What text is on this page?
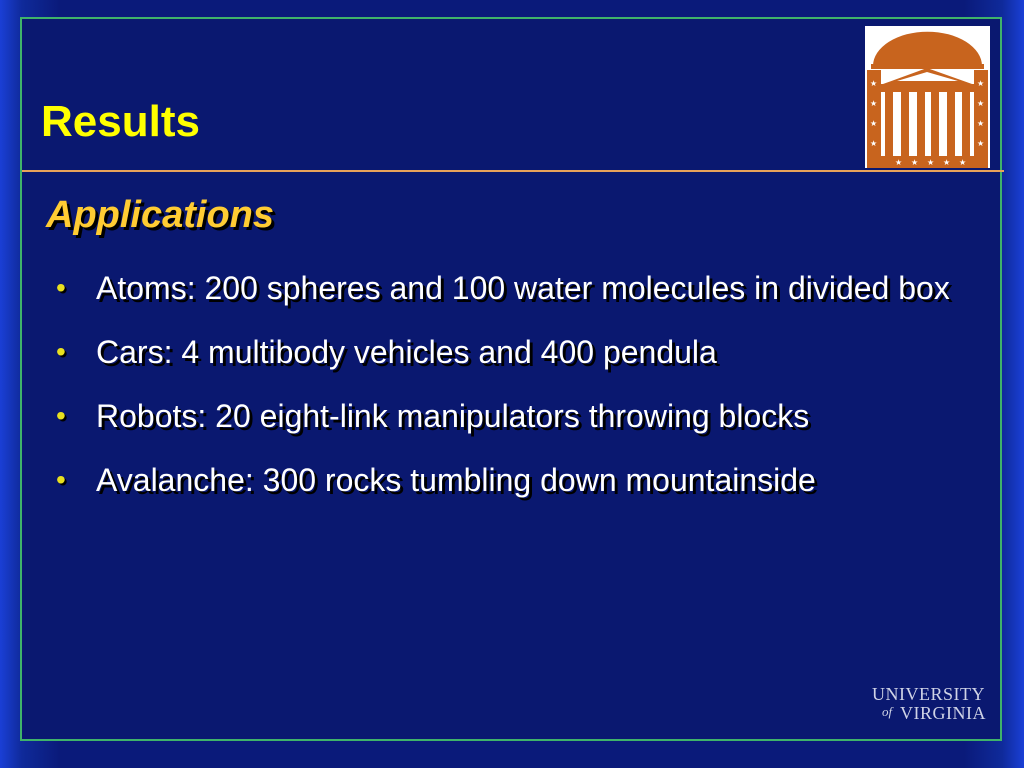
Results
★
★
★
★
★
★
★
★
★ ★ ★ ★ ★
Applications
• Atoms: 200 spheres and 100 water molecules in divided box
• Cars: 4 multibody vehicles and 400 pendula
• Robots: 20 eight-link manipulators throwing blocks
• Avalanche: 300 rocks tumbling down mountainside
UNIVERSITY
of VIRGINIA
